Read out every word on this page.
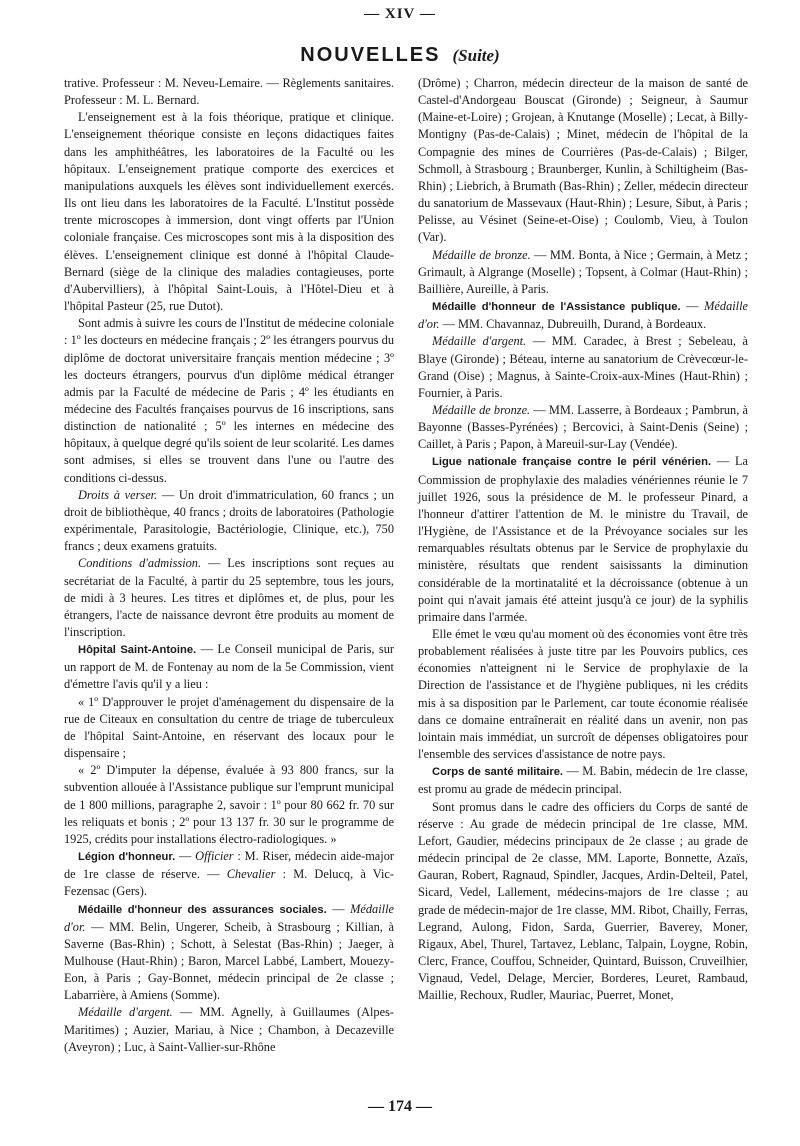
— XIV —
NOUVELLES (Suite)

trative. Professeur : M. Neveu-Lemaire. — Règlements sanitaires. Professeur : M. L. Bernard.

L'enseignement est à la fois théorique, pratique et clinique. L'enseignement théorique consiste en leçons didactiques faites dans les amphithéâtres, les laboratoires de la Faculté ou les hôpitaux. L'enseignement pratique comporte des exercices et manipulations auxquels les élèves sont individuellement exercés. Ils ont lieu dans les laboratoires de la Faculté. L'Institut possède trente microscopes à immersion, dont vingt offerts par l'Union coloniale française. Ces microscopes sont mis à la disposition des élèves. L'enseignement clinique est donné à l'hôpital Claude-Bernard (siège de la clinique des maladies contagieuses, porte d'Aubervilliers), à l'hôpital Saint-Louis, à l'Hôtel-Dieu et à l'hôpital Pasteur (25, rue Dutot).

Sont admis à suivre les cours de l'Institut de médecine coloniale : 1º les docteurs en médecine français ; 2º les étrangers pourvus du diplôme de doctorat universitaire français mention médecine ; 3º les docteurs étrangers, pourvus d'un diplôme médical étranger admis par la Faculté de médecine de Paris ; 4º les étudiants en médecine des Facultés françaises pourvus de 16 inscriptions, sans distinction de nationalité ; 5º les internes en médecine des hôpitaux, à quelque degré qu'ils soient de leur scolarité. Les dames sont admises, si elles se trouvent dans l'une ou l'autre des conditions ci-dessus.

Droits à verser. — Un droit d'immatriculation, 60 francs ; un droit de bibliothèque, 40 francs ; droits de laboratoires (Pathologie expérimentale, Parasitologie, Bactériologie, Clinique, etc.), 750 francs ; deux examens gratuits.

Conditions d'admission. — Les inscriptions sont reçues au secrétariat de la Faculté, à partir du 25 septembre, tous les jours, de midi à 3 heures. Les titres et diplômes et, de plus, pour les étrangers, l'acte de naissance devront être produits au moment de l'inscription.

Hôpital Saint-Antoine. — Le Conseil municipal de Paris, sur un rapport de M. de Fontenay au nom de la 5e Commission, vient d'émettre l'avis qu'il y a lieu :

« 1º D'approuver le projet d'aménagement du dispensaire de la rue de Citeaux en consultation du centre de triage de tuberculeux de l'hôpital Saint-Antoine, en réservant des locaux pour le dispensaire ;

« 2º D'imputer la dépense, évaluée à 93 800 francs, sur la subvention allouée à l'Assistance publique sur l'emprunt municipal de 1 800 millions, paragraphe 2, savoir : 1º pour 80 662 fr. 70 sur les reliquats et bonis ; 2º pour 13 137 fr. 30 sur le programme de 1925, crédits pour installations électro-radiologiques. »

Légion d'honneur. — Officier : M. Riser, médecin aide-major de 1re classe de réserve. — Chevalier : M. Delucq, à Vic-Fezensac (Gers).

Médaille d'honneur des assurances sociales. — Médaille d'or. — MM. Belin, Ungerer, Scheib, à Strasbourg ; Killian, à Saverne (Bas-Rhin) ; Schott, à Selestat (Bas-Rhin) ; Jaeger, à Mulhouse (Haut-Rhin) ; Baron, Marcel Labbé, Lambert, Mouezy-Eon, à Paris ; Gay-Bonnet, médecin principal de 2e classe ; Labarrière, à Amiens (Somme).

Médaille d'argent. — MM. Agnelly, à Guillaumes (Alpes-Maritimes) ; Auzier, Mariau, à Nice ; Chambon, à Decazeville (Aveyron) ; Luc, à Saint-Vallier-sur-Rhône

(Drôme) ; Charron, médecin directeur de la maison de santé de Castel-d'Andorgeau Bouscat (Gironde) ; Seigneur, à Saumur (Maine-et-Loire) ; Grojean, à Knutange (Moselle) ; Lecat, à Billy-Montigny (Pas-de-Calais) ; Minet, médecin de l'hôpital de la Compagnie des mines de Courrières (Pas-de-Calais) ; Bilger, Schmoll, à Strasbourg ; Braunberger, Kunlin, à Schiltigheim (Bas-Rhin) ; Liebrich, à Brumath (Bas-Rhin) ; Zeller, médecin directeur du sanatorium de Massevaux (Haut-Rhin) ; Lesure, Sibut, à Paris ; Pelisse, au Vésinet (Seine-et-Oise) ; Coulomb, Vieu, à Toulon (Var).

Médaille de bronze. — MM. Bonta, à Nice ; Germain, à Metz ; Grimault, à Algrange (Moselle) ; Topsent, à Colmar (Haut-Rhin) ; Baillière, Aureille, à Paris.

Médaille d'honneur de l'Assistance publique. — Médaille d'or. — MM. Chavannaz, Dubreuilh, Durand, à Bordeaux.

Médaille d'argent. — MM. Caradec, à Brest ; Sebeleau, à Blaye (Gironde) ; Béteau, interne au sanatorium de Crèvecœur-le-Grand (Oise) ; Magnus, à Sainte-Croix-aux-Mines (Haut-Rhin) ; Fournier, à Paris.

Médaille de bronze. — MM. Lasserre, à Bordeaux ; Pambrun, à Bayonne (Basses-Pyrénées) ; Bercovici, à Saint-Denis (Seine) ; Caillet, à Paris ; Papon, à Mareuil-sur-Lay (Vendée).

Ligue nationale française contre le péril vénérien. — La Commission de prophylaxie des maladies vénériennes réunie le 7 juillet 1926, sous la présidence de M. le professeur Pinard, a l'honneur d'attirer l'attention de M. le ministre du Travail, de l'Hygiène, de l'Assistance et de la Prévoyance sociales sur les remarquables résultats obtenus par le Service de prophylaxie du ministère, résultats que rendent saisissants la diminution considérable de la mortinatalité et la décroissance (obtenue à un point qui n'avait jamais été atteint jusqu'à ce jour) de la syphilis primaire dans l'armée.

Elle émet le vœu qu'au moment où des économies vont être très probablement réalisées à juste titre par les Pouvoirs publics, ces économies n'atteignent ni le Service de prophylaxie de la Direction de l'assistance et de l'hygiène publiques, ni les crédits mis à sa disposition par le Parlement, car toute économie réalisée dans ce domaine entraînerait en réalité dans un avenir, non pas lointain mais immédiat, un surcroît de dépenses obligatoires pour l'ensemble des services d'assistance de notre pays.

Corps de santé militaire. — M. Babin, médecin de 1re classe, est promu au grade de médecin principal.

Sont promus dans le cadre des officiers du Corps de santé de réserve : Au grade de médecin principal de 1re classe, MM. Lefort, Gaudier, médecins principaux de 2e classe ; au grade de médecin principal de 2e classe, MM. Laporte, Bonnette, Azaïs, Gauran, Robert, Ragnaud, Spindler, Jacques, Ardin-Delteil, Patel, Sicard, Vedel, Lallement, médecins-majors de 1re classe ; au grade de médecin-major de 1re classe, MM. Ribot, Chailly, Ferras, Legrand, Aulong, Fidon, Sarda, Guerrier, Baverey, Moner, Rigaux, Abel, Thurel, Tartavez, Leblanc, Talpain, Loygne, Robin, Clerc, France, Couffou, Schneider, Quintard, Buisson, Cruveilhier, Vignaud, Vedel, Delage, Mercier, Borderes, Leuret, Rambaud, Maillie, Rechoux, Rudler, Mauriac, Puerret, Monet,

— 174 —
